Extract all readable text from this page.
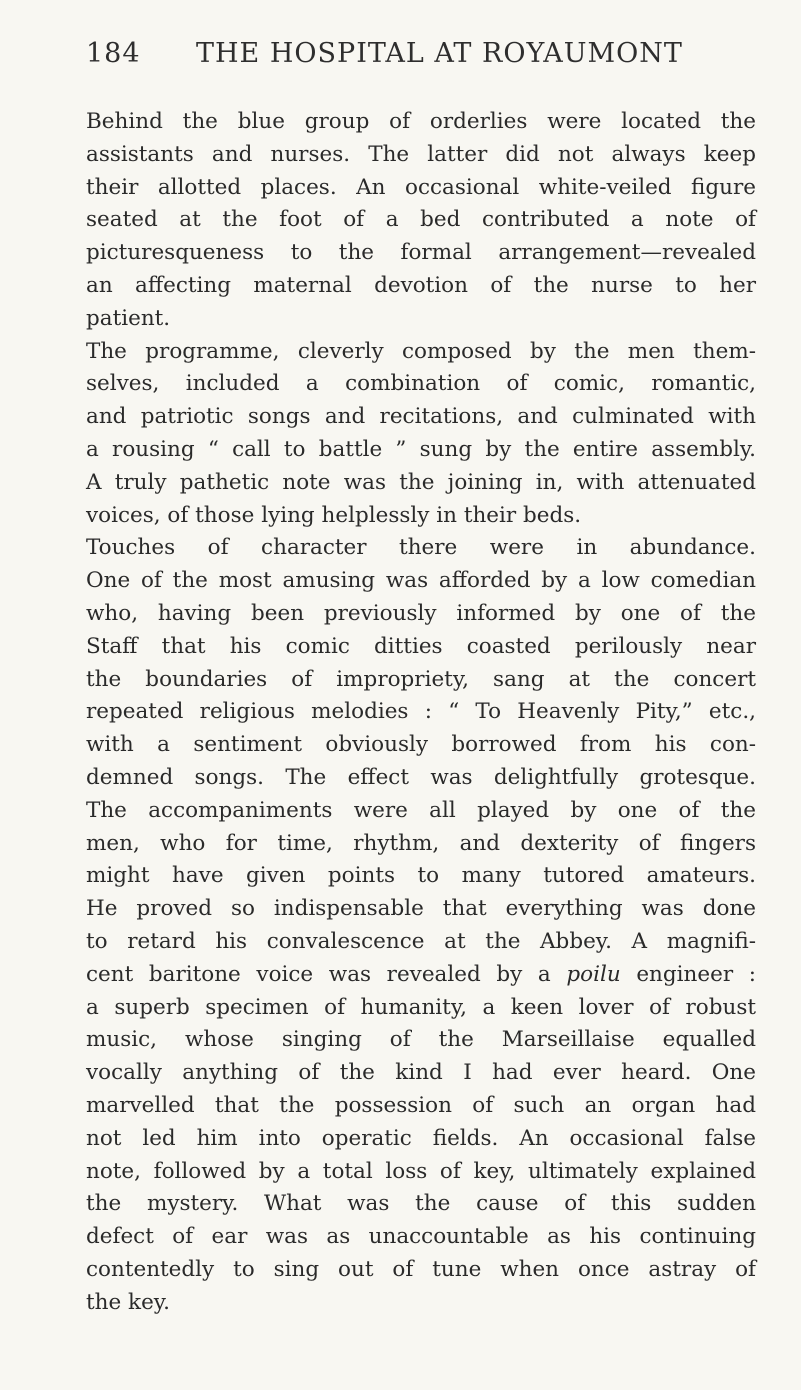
184 THE HOSPITAL AT ROYAUMONT
Behind the blue group of orderlies were located the
assistants and nurses. The latter did not always keep
their allotted places. An occasional white-veiled figure
seated at the foot of a bed contributed a note of
picturesqueness to the formal arrangement—revealed
an affecting maternal devotion of the nurse to her
patient.
The programme, cleverly composed by the men them-
selves, included a combination of comic, romantic,
and patriotic songs and recitations, and culminated with
a rousing “ call to battle ” sung by the entire assembly.
A truly pathetic note was the joining in, with attenuated
voices, of those lying helplessly in their beds.
Touches of character there were in abundance.
One of the most amusing was afforded by a low comedian
who, having been previously informed by one of the
Staff that his comic ditties coasted perilously near
the boundaries of impropriety, sang at the concert
repeated religious melodies : “ To Heavenly Pity,” etc.,
with a sentiment obviously borrowed from his con-
demned songs. The effect was delightfully grotesque.
The accompaniments were all played by one of the
men, who for time, rhythm, and dexterity of fingers
might have given points to many tutored amateurs.
He proved so indispensable that everything was done
to retard his convalescence at the Abbey. A magnifi-
cent baritone voice was revealed by a poilu engineer :
a superb specimen of humanity, a keen lover of robust
music, whose singing of the Marseillaise equalled
vocally anything of the kind I had ever heard. One
marvelled that the possession of such an organ had
not led him into operatic fields. An occasional false
note, followed by a total loss of key, ultimately explained
the mystery. What was the cause of this sudden
defect of ear was as unaccountable as his continuing
contentedly to sing out of tune when once astray of
the key.
